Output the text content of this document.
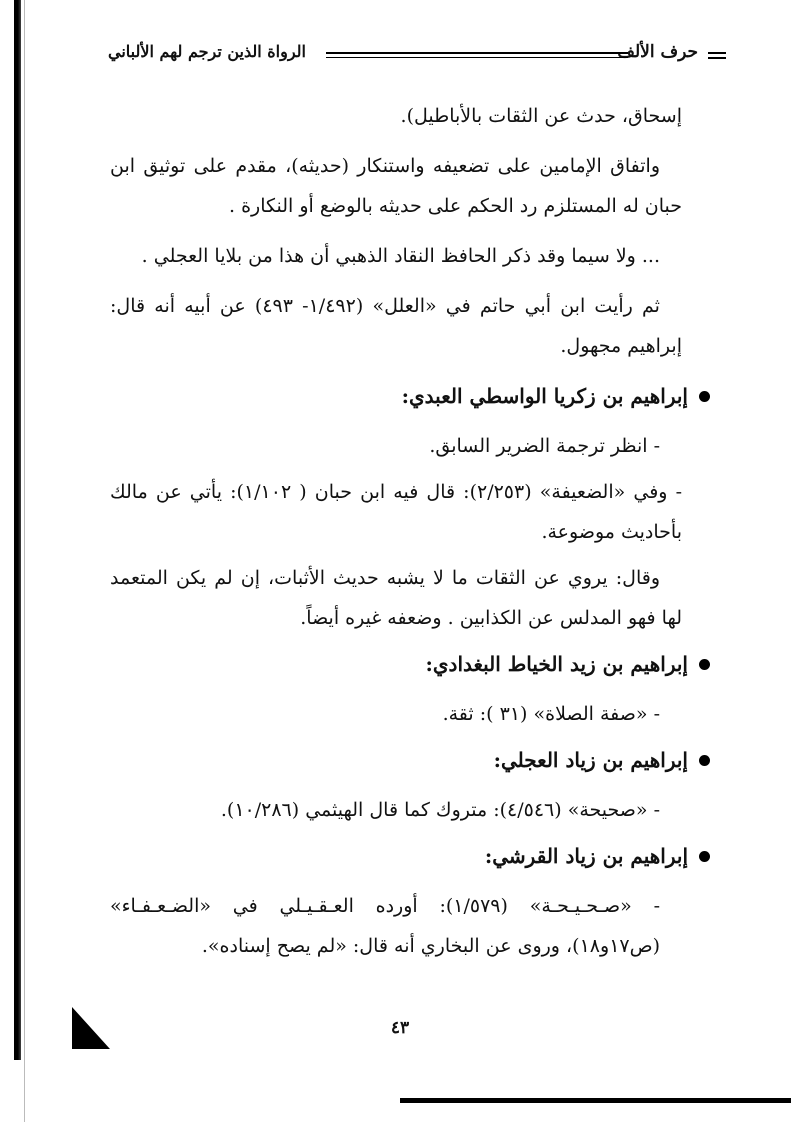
حرف الألف
الرواة الذين ترجم لهم الألباني

إسحاق، حدث عن الثقات بالأباطيل).

واتفاق الإمامين على تضعيفه واستنكار (حديثه)، مقدم على توثيق ابن حبان له المستلزم رد الحكم على حديثه بالوضع أو النكارة .

... ولا سيما وقد ذكر الحافظ النقاد الذهبي أن هذا من بلايا العجلي .

ثم رأيت ابن أبي حاتم في «العلل» (١/٤٩٢- ٤٩٣) عن أبيه أنه قال: إبراهيم مجهول.

إبراهيم بن زكريا الواسطي العبدي:

- انظر ترجمة الضرير السابق.

- وفي «الضعيفة» (٢/٢٥٣): قال فيه ابن حبان ( ١/١٠٢): يأتي عن مالك بأحاديث موضوعة.

وقال: يروي عن الثقات ما لا يشبه حديث الأثبات، إن لم يكن المتعمد لها فهو المدلس عن الكذابين . وضعفه غيره أيضاً.

إبراهيم بن زيد الخياط البغدادي:

- «صفة الصلاة» (٣١ ): ثقة.

إبراهيم بن زياد العجلي:

- «صحيحة» (٤/٥٤٦): متروك كما قال الهيثمي (١٠/٢٨٦).

إبراهيم بن زياد القرشي:

- «صـحـيـحـة» (١/٥٧٩): أورده العـقـيـلي في «الضـعـفـاء» (ص١٧و١٨)، وروى عن البخاري أنه قال: «لم يصح إسناده».

٤٣
